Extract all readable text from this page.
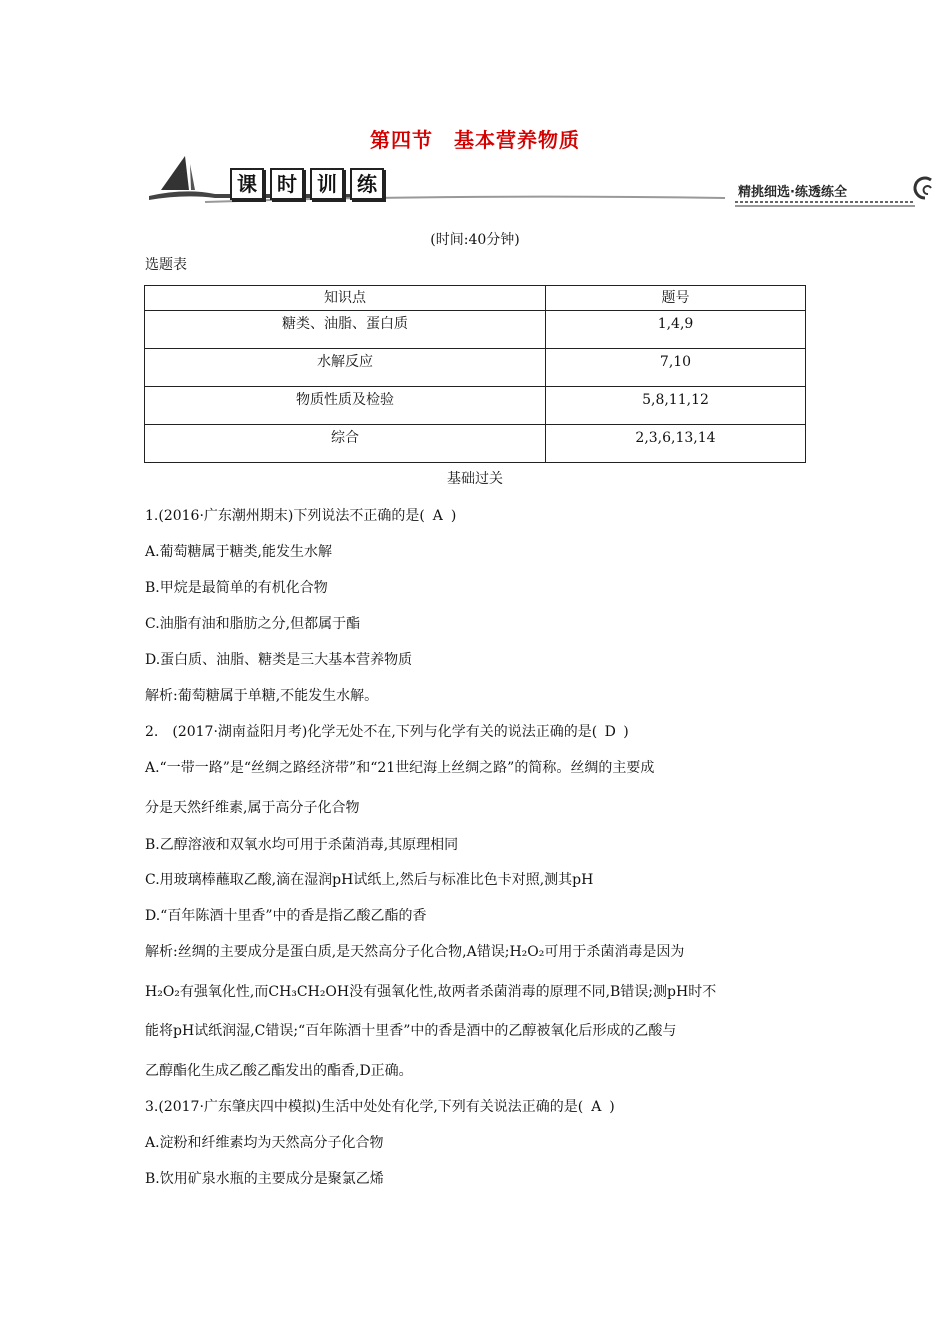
第四节　基本营养物质
课	时	训	练	精挑细选·练透练全
(时间:40分钟)
选题表
知识点	题号
糖类、油脂、蛋白质	1,4,9
水解反应	7,10
物质性质及检验	5,8,11,12
综合	2,3,6,13,14
基础过关
1.(2016·广东潮州期末)下列说法不正确的是( A )
A.葡萄糖属于糖类,能发生水解
B.甲烷是最简单的有机化合物
C.油脂有油和脂肪之分,但都属于酯
D.蛋白质、油脂、糖类是三大基本营养物质
解析:葡萄糖属于单糖,不能发生水解。
2.　(2017·湖南益阳月考)化学无处不在,下列与化学有关的说法正确的是( D )
A.“一带一路”是“丝绸之路经济带”和“21世纪海上丝绸之路”的简称。丝绸的主要成
分是天然纤维素,属于高分子化合物
B.乙醇溶液和双氧水均可用于杀菌消毒,其原理相同
C.用玻璃棒蘸取乙酸,滴在湿润pH试纸上,然后与标准比色卡对照,测其pH
D.“百年陈酒十里香”中的香是指乙酸乙酯的香
解析:丝绸的主要成分是蛋白质,是天然高分子化合物,A错误;H₂O₂可用于杀菌消毒是因为
H₂O₂有强氧化性,而CH₃CH₂OH没有强氧化性,故两者杀菌消毒的原理不同,B错误;测pH时不
能将pH试纸润湿,C错误;“百年陈酒十里香”中的香是酒中的乙醇被氧化后形成的乙酸与
乙醇酯化生成乙酸乙酯发出的酯香,D正确。
3.(2017·广东肇庆四中模拟)生活中处处有化学,下列有关说法正确的是( A )
A.淀粉和纤维素均为天然高分子化合物
B.饮用矿泉水瓶的主要成分是聚氯乙烯
